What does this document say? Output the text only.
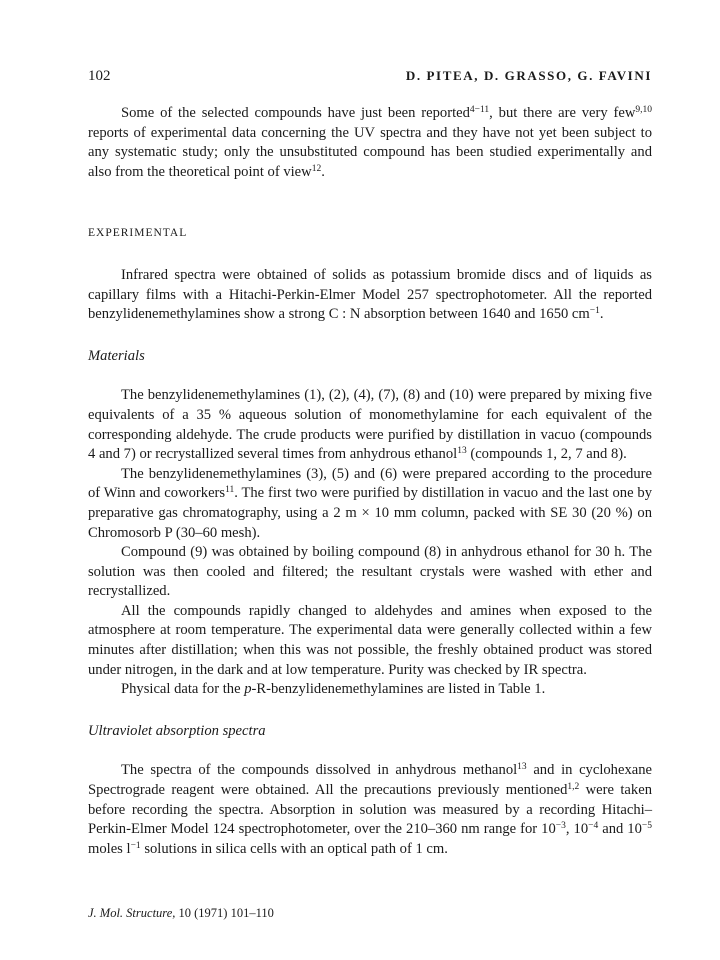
102	D. PITEA, D. GRASSO, G. FAVINI

Some of the selected compounds have just been reported$^{4-11}$, but there are very few$^{9,10}$ reports of experimental data concerning the UV spectra and they have not yet been subject to any systematic study; only the unsubstituted compound has been studied experimentally and also from the theoretical point of view$^{12}$.

EXPERIMENTAL

Infrared spectra were obtained of solids as potassium bromide discs and of liquids as capillary films with a Hitachi-Perkin-Elmer Model 257 spectrophotometer. All the reported benzylidenemethylamines show a strong C : N absorption between 1640 and 1650 $cm^{-1}$.

Materials

The benzylidenemethylamines (1), (2), (4), (7), (8) and (10) were prepared by mixing five equivalents of a 35 % aqueous solution of monomethylamine for each equivalent of the corresponding aldehyde. The crude products were purified by distillation in vacuo (compounds 4 and 7) or recrystallized several times from anhydrous ethanol$^{13}$ (compounds 1, 2, 7 and 8).

The benzylidenemethylamines (3), (5) and (6) were prepared according to the procedure of Winn and coworkers$^{11}$. The first two were purified by distillation in vacuo and the last one by preparative gas chromatography, using a 2 m × 10 mm column, packed with SE 30 (20 %) on Chromosorb P (30–60 mesh).

Compound (9) was obtained by boiling compound (8) in anhydrous ethanol for 30 h. The solution was then cooled and filtered; the resultant crystals were washed with ether and recrystallized.

All the compounds rapidly changed to aldehydes and amines when exposed to the atmosphere at room temperature. The experimental data were generally collected within a few minutes after distillation; when this was not possible, the freshly obtained product was stored under nitrogen, in the dark and at low temperature. Purity was checked by IR spectra.

Physical data for the p-R-benzylidenemethylamines are listed in Table 1.

Ultraviolet absorption spectra

The spectra of the compounds dissolved in anhydrous methanol$^{13}$ and in cyclohexane Spectrograde reagent were obtained. All the precautions previously mentioned$^{1,2}$ were taken before recording the spectra. Absorption in solution was measured by a recording Hitachi–Perkin-Elmer Model 124 spectrophotometer, over the 210–360 nm range for $10^{-3}$, $10^{-4}$ and $10^{-5}$ moles $l^{-1}$ solutions in silica cells with an optical path of 1 cm.

J. Mol. Structure, 10 (1971) 101–110
